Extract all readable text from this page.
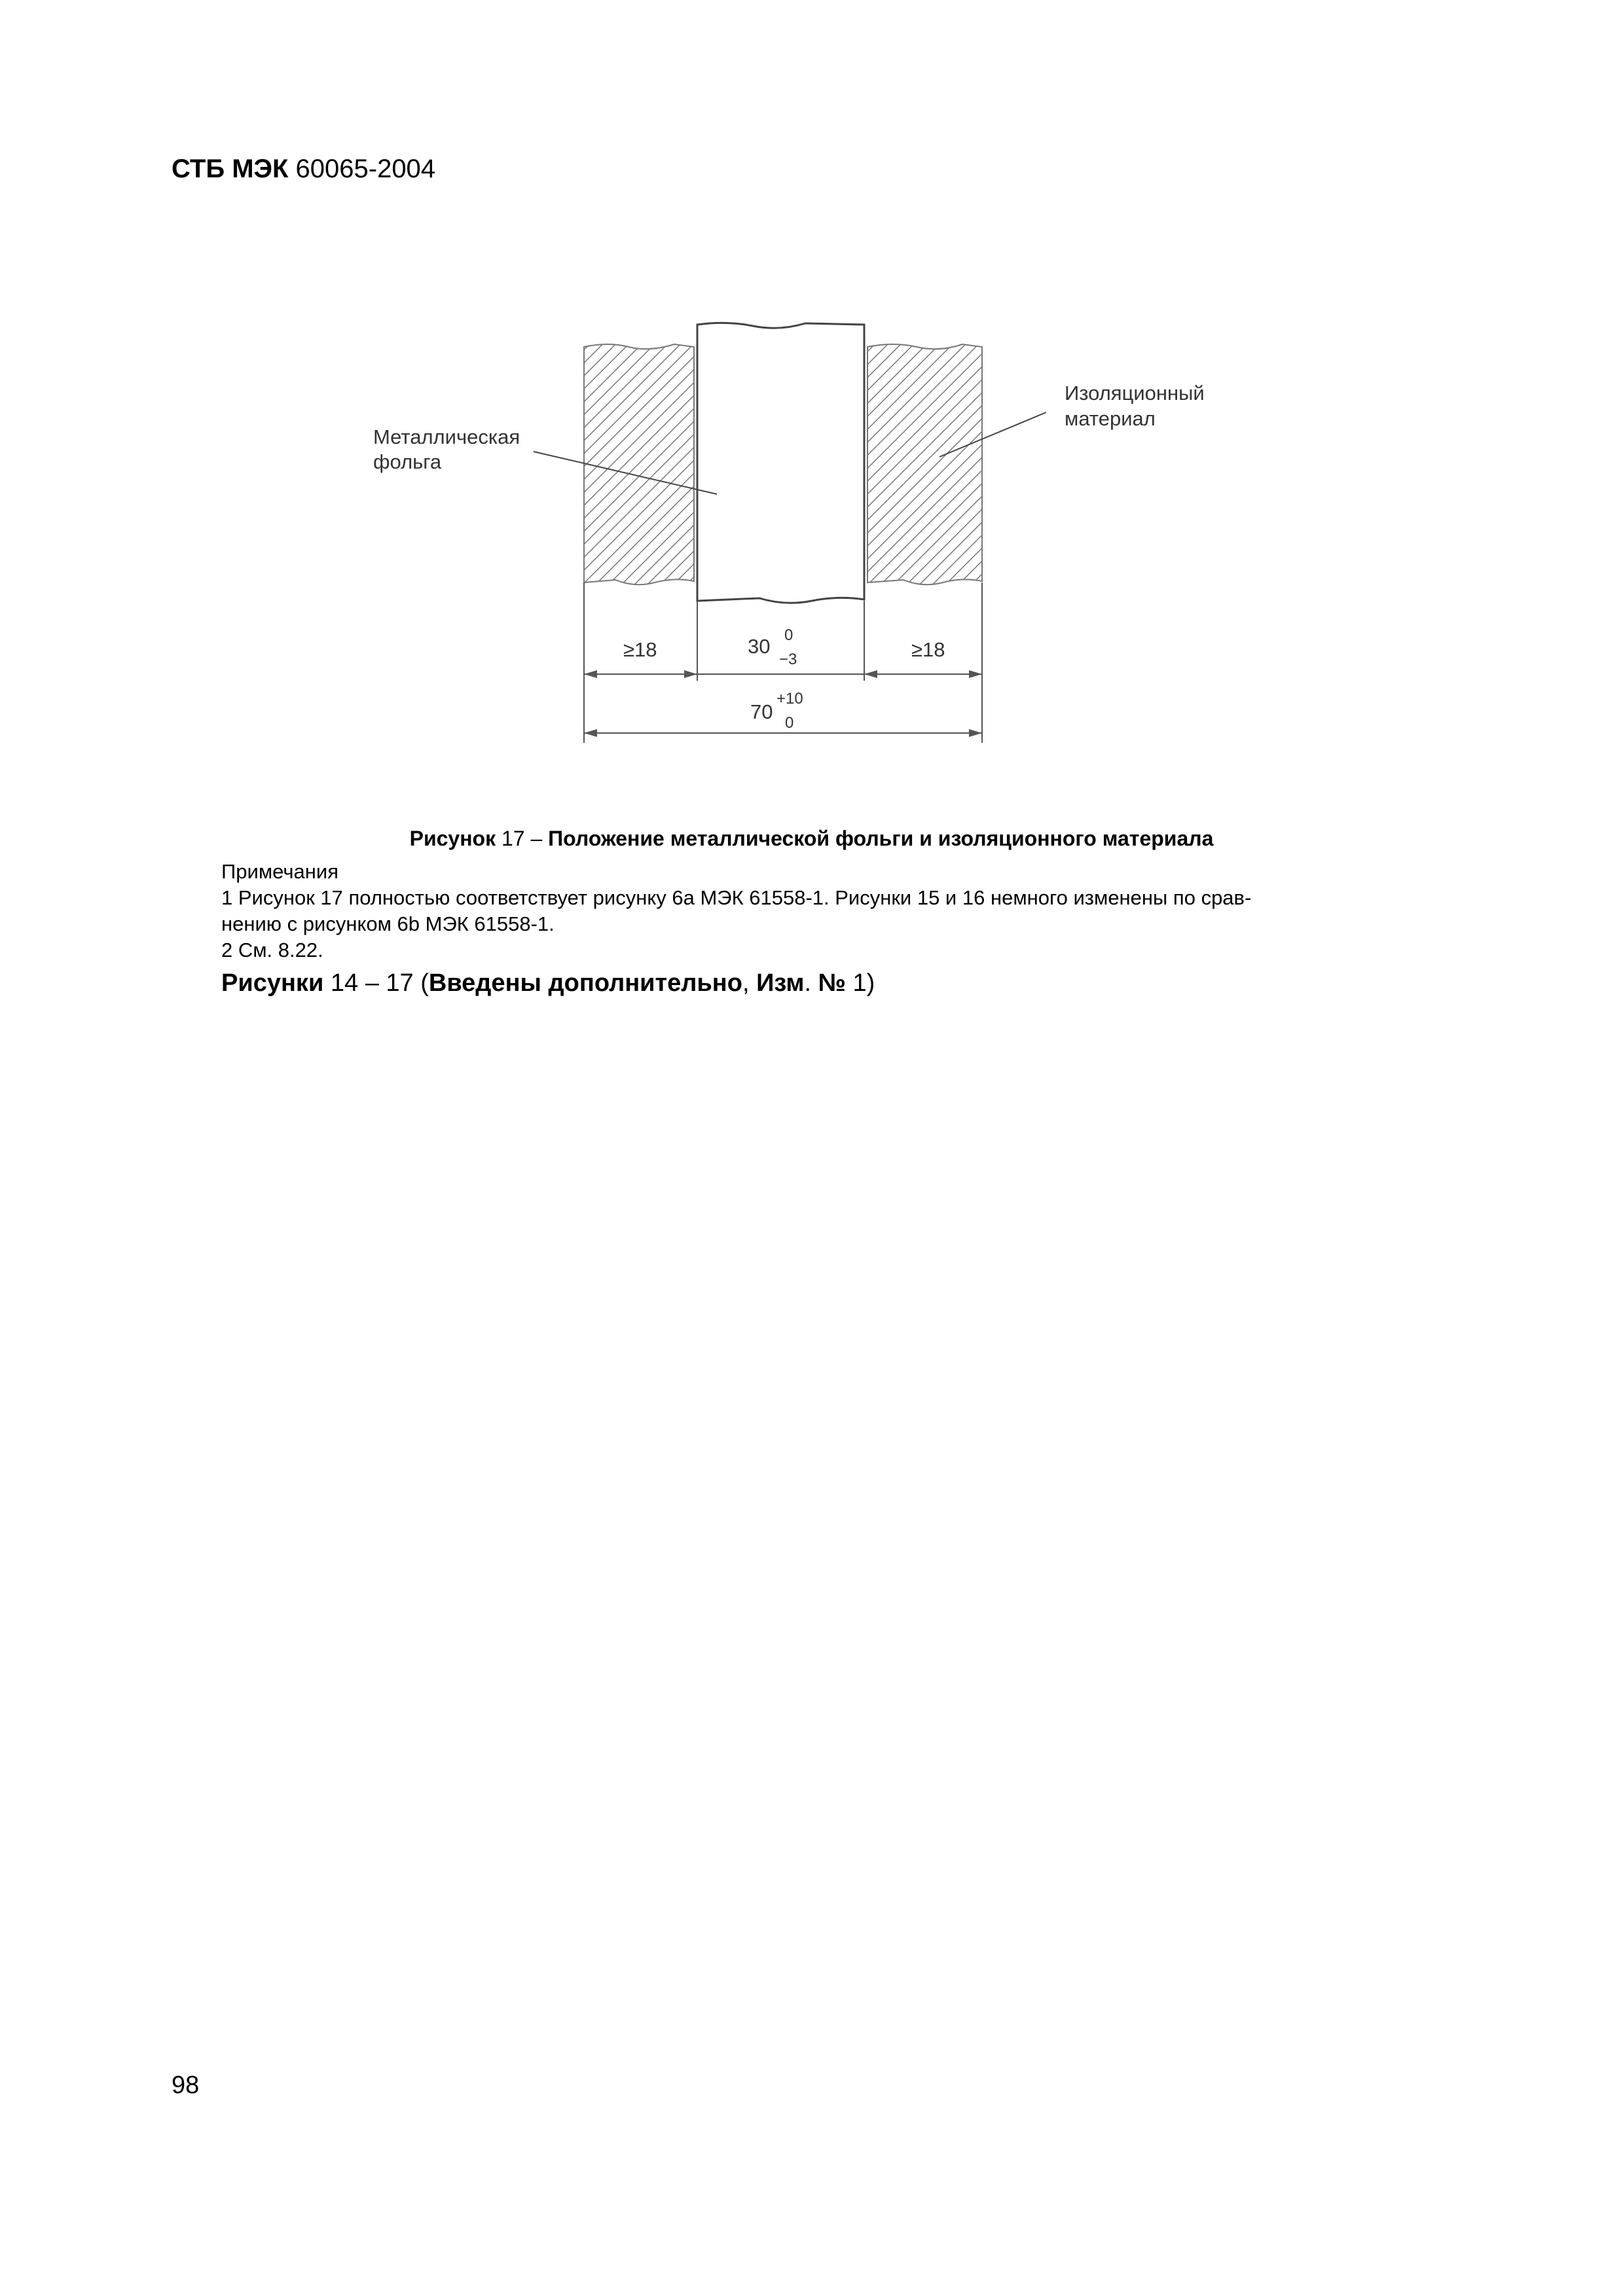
СТБ МЭК 60065-2004
Металлическая
фольга
Изоляционный
материал
≥18	≥18
30 0
−3
70
+10
0
Рисунок 17 – Положение металлической фольги и изоляционного материала

Примечания

1 Рисунок 17 полностью соответствует рисунку 6а МЭК 61558-1. Рисунки 15 и 16 немного изменены по срав-

нению с рисунком 6b МЭК 61558-1.

2 См. 8.22.

Рисунки 14 – 17 (Введены дополнительно, Изм. № 1)
98
